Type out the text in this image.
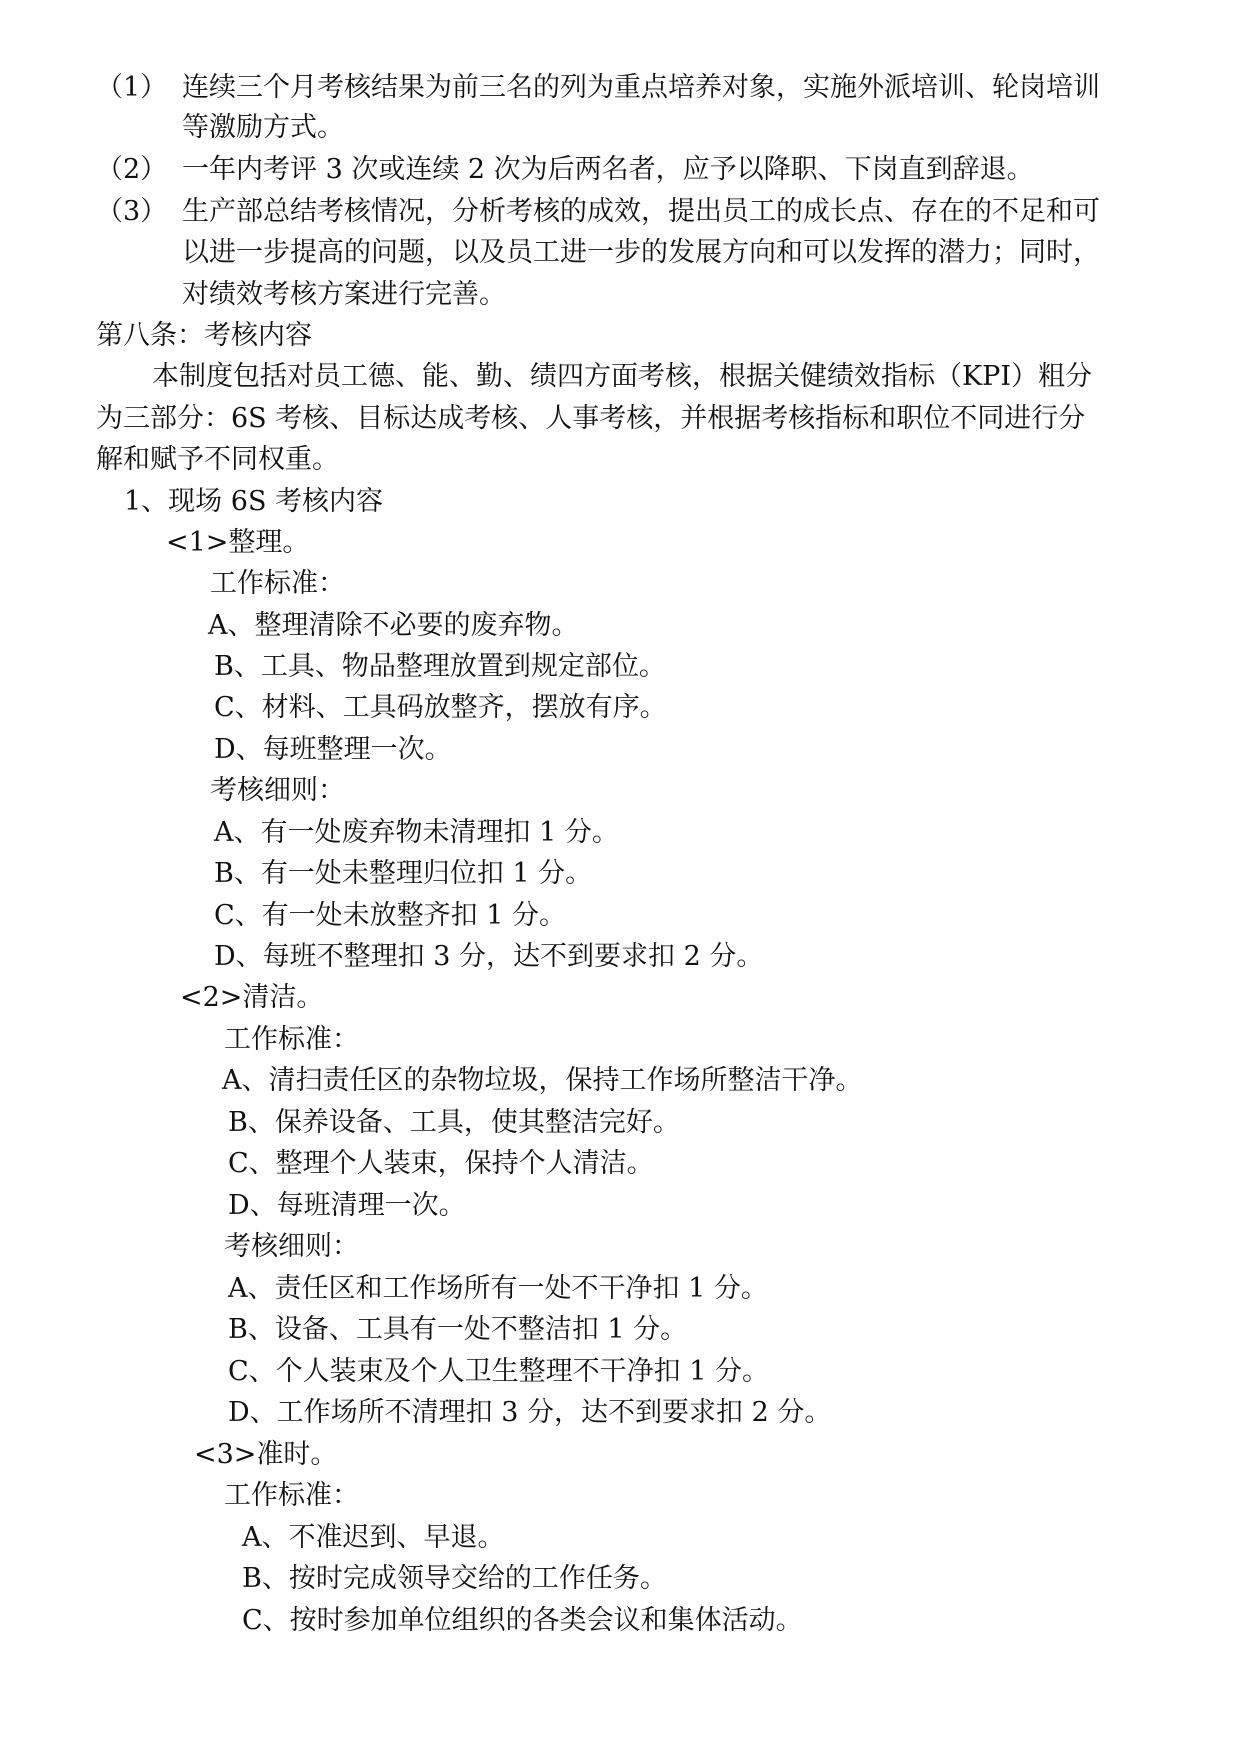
（1） 连续三个月考核结果为前三名的列为重点培养对象，实施外派培训、轮岗培训
等激励方式。
（2） 一年内考评 3 次或连续 2 次为后两名者，应予以降职、下岗直到辞退。
（3） 生产部总结考核情况，分析考核的成效，提出员工的成长点、存在的不足和可
以进一步提高的问题，以及员工进一步的发展方向和可以发挥的潜力；同时，
对绩效考核方案进行完善。
第八条：考核内容
本制度包括对员工德、能、勤、绩四方面考核，根据关健绩效指标（KPI）粗分
为三部分：6S 考核、目标达成考核、人事考核，并根据考核指标和职位不同进行分
解和赋予不同权重。
1、现场 6S 考核内容
<1>整理。
工作标准：
A、整理清除不必要的废弃物。
B、工具、物品整理放置到规定部位。
C、材料、工具码放整齐，摆放有序。
D、每班整理一次。
考核细则：
A、有一处废弃物未清理扣 1 分。
B、有一处未整理归位扣 1 分。
C、有一处未放整齐扣 1 分。
D、每班不整理扣 3 分，达不到要求扣 2 分。
<2>清洁。
工作标准：
A、清扫责任区的杂物垃圾，保持工作场所整洁干净。
B、保养设备、工具，使其整洁完好。
C、整理个人装束，保持个人清洁。
D、每班清理一次。
考核细则：
A、责任区和工作场所有一处不干净扣 1 分。
B、设备、工具有一处不整洁扣 1 分。
C、个人装束及个人卫生整理不干净扣 1 分。
D、工作场所不清理扣 3 分，达不到要求扣 2 分。
<3>准时。
工作标准：
A、不准迟到、早退。
B、按时完成领导交给的工作任务。
C、按时参加单位组织的各类会议和集体活动。
